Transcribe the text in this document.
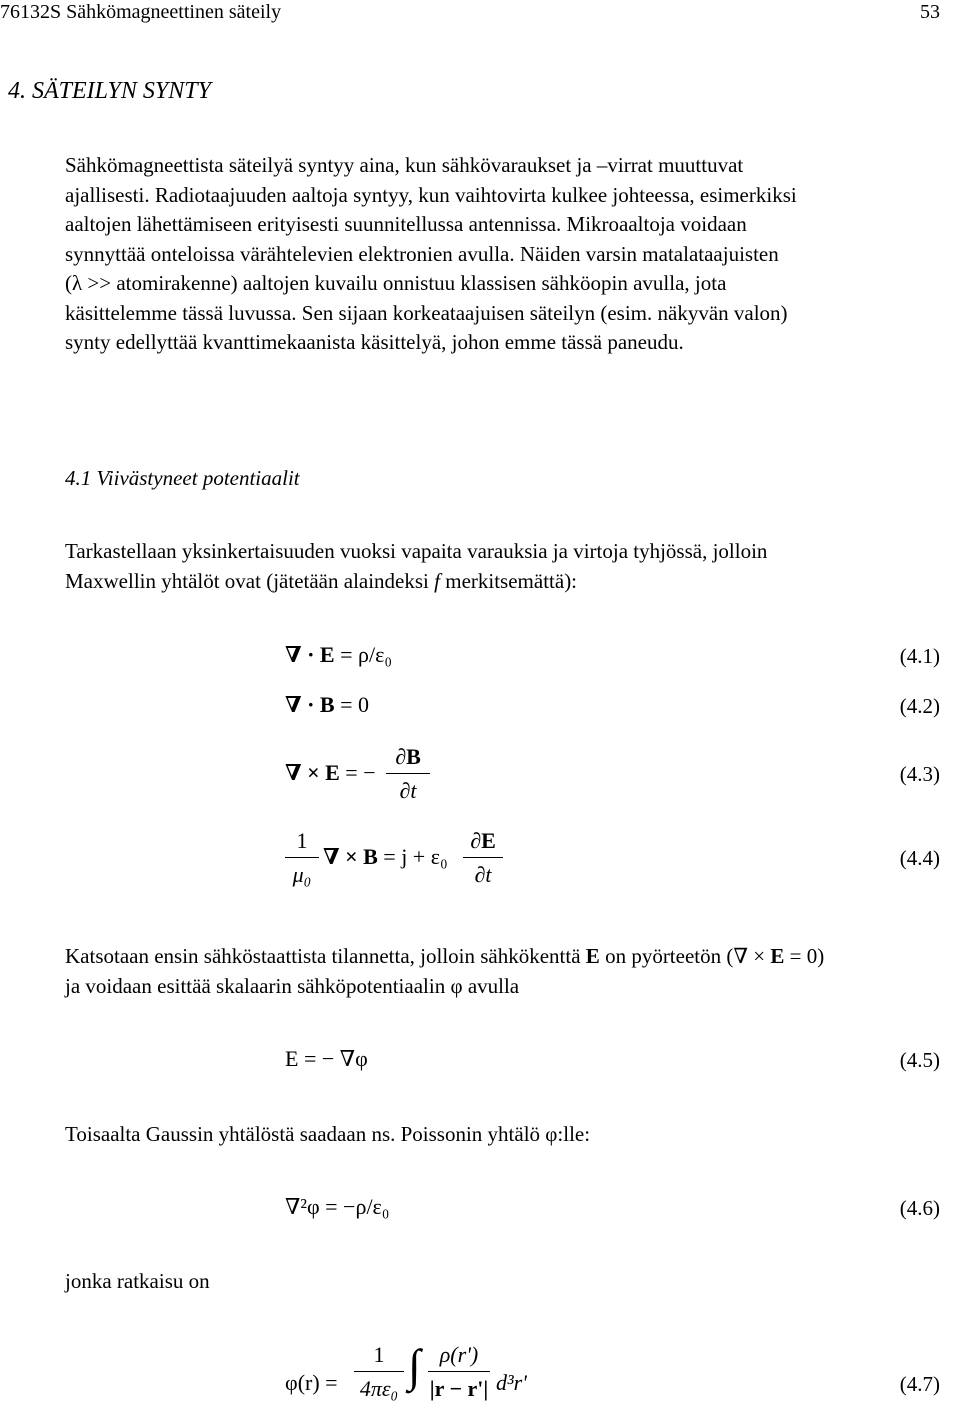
76132S Sähkömagneettinen säteily	53
4. SÄTEILYN SYNTY
Sähkömagneettista säteilyä syntyy aina, kun sähkövaraukset ja –virrat muuttuvat
ajallisesti. Radiotaajuuden aaltoja syntyy, kun vaihtovirta kulkee johteessa, esimerkiksi
aaltojen lähettämiseen erityisesti suunnitellussa antennissa. Mikroaaltoja voidaan
synnyttää onteloissa värähtelevien elektronien avulla. Näiden varsin matalataajuisten
(λ >> atomirakenne) aaltojen kuvailu onnistuu klassisen sähköopin avulla, jota
käsittelemme tässä luvussa. Sen sijaan korkeataajuisen säteilyn (esim. näkyvän valon)
synty edellyttää kvanttimekaanista käsittelyä, johon emme tässä paneudu.
4.1 Viivästyneet potentiaalit
Tarkastellaan yksinkertaisuuden vuoksi vapaita varauksia ja virtoja tyhjössä, jolloin
Maxwellin yhtälöt ovat (jätetään alaindeksi f merkitsemättä):
∇ · E = ρ/ε₀	(4.1)
∇ · B = 0	(4.2)
∇ × E = −
∂B
∂t
(4.3)
1
μ₀
∇ × B = j + ε₀
∂E
∂t
(4.4)
Katsotaan ensin sähköstaattista tilannetta, jolloin sähkökenttä E on pyörteetön (∇ × E = 0)
ja voidaan esittää skalaarin sähköpotentiaalin φ avulla
E = − ∇φ	(4.5)
Toisaalta Gaussin yhtälöstä saadaan ns. Poissonin yhtälö φ:lle:
∇²φ = −ρ/ε₀	(4.6)
jonka ratkaisu on
φ(r) =
1
4πε₀ ∫ ρ(r')
|r − r'| d³r'	(4.7)
